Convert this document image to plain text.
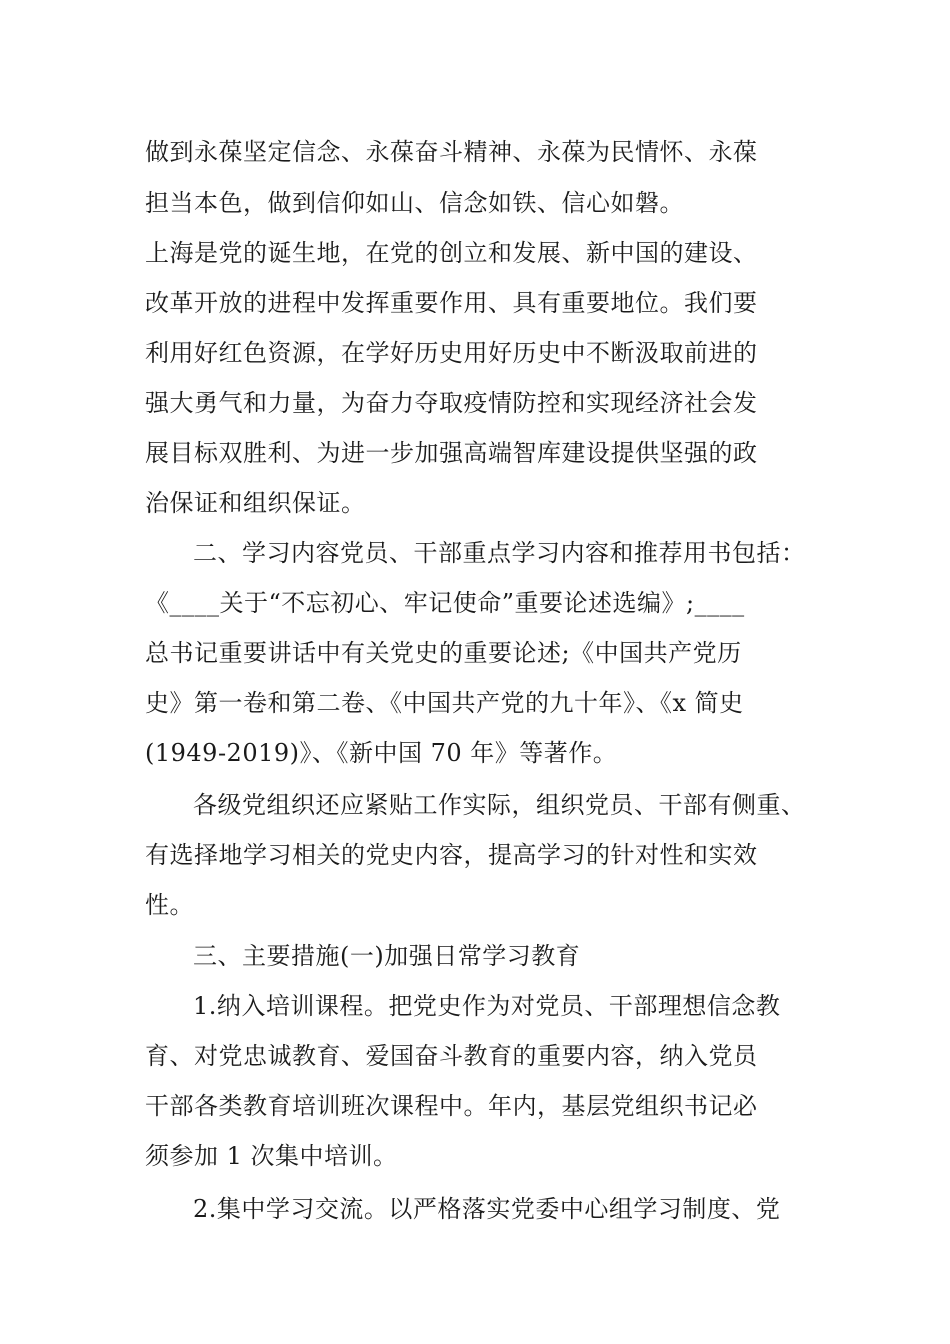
做到永葆坚定信念、永葆奋斗精神、永葆为民情怀、永葆
担当本色，做到信仰如山、信念如铁、信心如磐。
上海是党的诞生地，在党的创立和发展、新中国的建设、
改革开放的进程中发挥重要作用、具有重要地位。我们要
利用好红色资源，在学好历史用好历史中不断汲取前进的
强大勇气和力量，为奋力夺取疫情防控和实现经济社会发
展目标双胜利、为进一步加强高端智库建设提供坚强的政
治保证和组织保证。
二、学习内容党员、干部重点学习内容和推荐用书包括：
《____关于“不忘初心、牢记使命”重要论述选编》;____
总书记重要讲话中有关党史的重要论述;《中国共产党历
史》第一卷和第二卷、《中国共产党的九十年》、《x 简史
(1949-2019)》、《新中国 70 年》等著作。
各级党组织还应紧贴工作实际，组织党员、干部有侧重、
有选择地学习相关的党史内容，提高学习的针对性和实效
性。
三、主要措施(一)加强日常学习教育
1.纳入培训课程。把党史作为对党员、干部理想信念教
育、对党忠诚教育、爱国奋斗教育的重要内容，纳入党员
干部各类教育培训班次课程中。年内，基层党组织书记必
须参加 1 次集中培训。
2.集中学习交流。以严格落实党委中心组学习制度、党
